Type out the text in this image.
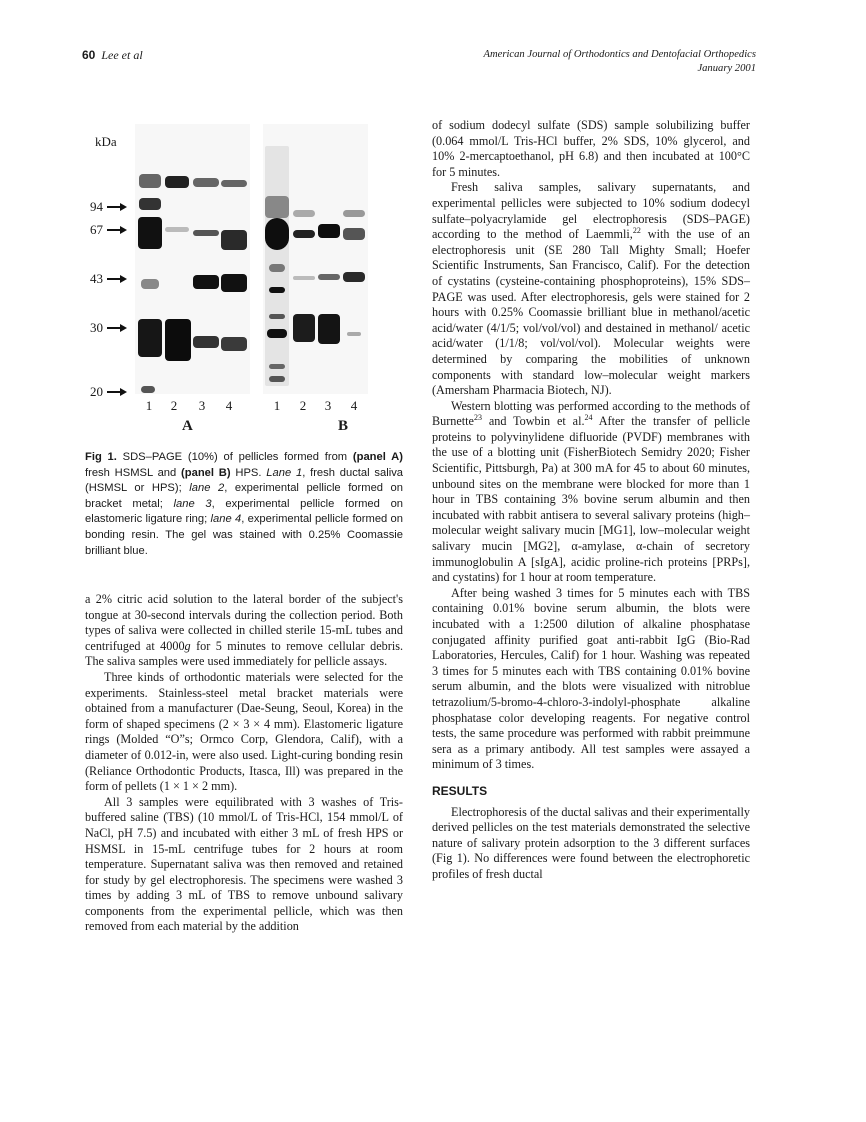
60 Lee et al	American Journal of Orthodontics and Dentofacial Orthopedics
January 2001
kDa
94
67
43
30
20
1 2 3 4	1 2 3 4
A	B
Fig 1. SDS–PAGE (10%) of pellicles formed from (panel A) fresh HSMSL and (panel B) HPS. Lane 1, fresh ductal saliva (HSMSL or HPS); lane 2, experimental pellicle formed on bracket metal; lane 3, experimental pellicle formed on elastomeric ligature ring; lane 4, experimental pellicle formed on bonding resin. The gel was stained with 0.25% Coomassie brilliant blue.

a 2% citric acid solution to the lateral border of the subject's tongue at 30-second intervals during the collection period. Both types of saliva were collected in chilled sterile 15-mL tubes and centrifuged at 4000g for 5 minutes to remove cellular debris. The saliva samples were used immediately for pellicle assays.

Three kinds of orthodontic materials were selected for the experiments. Stainless-steel metal bracket materials were obtained from a manufacturer (Dae-Seung, Seoul, Korea) in the form of shaped specimens (2 × 3 × 4 mm). Elastomeric ligature rings (Molded “O”s; Ormco Corp, Glendora, Calif), with a diameter of 0.012-in, were also used. Light-curing bonding resin (Reliance Orthodontic Products, Itasca, Ill) was prepared in the form of pellets (1 × 1 × 2 mm).

All 3 samples were equilibrated with 3 washes of Tris-buffered saline (TBS) (10 mmol/L of Tris-HCl, 154 mmol/L of NaCl, pH 7.5) and incubated with either 3 mL of fresh HPS or HSMSL in 15-mL centrifuge tubes for 2 hours at room temperature. Supernatant saliva was then removed and retained for study by gel electrophoresis. The specimens were washed 3 times by adding 3 mL of TBS to remove unbound salivary components from the experimental pellicle, which was then removed from each material by the addition

of sodium dodecyl sulfate (SDS) sample solubilizing buffer (0.064 mmol/L Tris-HCl buffer, 2% SDS, 10% glycerol, and 10% 2-mercaptoethanol, pH 6.8) and then incubated at 100°C for 5 minutes.

Fresh saliva samples, salivary supernatants, and experimental pellicles were subjected to 10% sodium dodecyl sulfate–polyacrylamide gel electrophoresis (SDS–PAGE) according to the method of Laemmli,$^{22}$ with the use of an electrophoresis unit (SE 280 Tall Mighty Small; Hoefer Scientific Instruments, San Francisco, Calif). For the detection of cystatins (cysteine-containing phosphoproteins), 15% SDS–PAGE was used. After electrophoresis, gels were stained for 2 hours with 0.25% Coomassie brilliant blue in methanol/acetic acid/water (4/1/5; vol/vol/vol) and destained in methanol/ acetic acid/water (1/1/8; vol/vol/vol). Molecular weights were determined by comparing the mobilities of unknown components with standard low–molecular weight markers (Amersham Pharmacia Biotech, NJ).

Western blotting was performed according to the methods of Burnette$^{23}$ and Towbin et al.$^{24}$ After the transfer of pellicle proteins to polyvinylidene difluoride (PVDF) membranes with the use of a blotting unit (FisherBiotech Semidry 2020; Fisher Scientific, Pittsburgh, Pa) at 300 mA for 45 to about 60 minutes, unbound sites on the membrane were blocked for more than 1 hour in TBS containing 3% bovine serum albumin and then incubated with rabbit antisera to several salivary proteins (high–molecular weight salivary mucin [MG1], low–molecular weight salivary mucin [MG2], α-amylase, α-chain of secretory immunoglobulin A [sIgA], acidic proline-rich proteins [PRPs], and cystatins) for 1 hour at room temperature.

After being washed 3 times for 5 minutes each with TBS containing 0.01% bovine serum albumin, the blots were incubated with a 1:2500 dilution of alkaline phosphatase conjugated affinity purified goat anti-rabbit IgG (Bio-Rad Laboratories, Hercules, Calif) for 1 hour. Washing was repeated 3 times for 5 minutes each with TBS containing 0.01% bovine serum albumin, and the blots were visualized with nitroblue tetrazolium/5-bromo-4-chloro-3-indolyl-phosphate alkaline phosphatase color developing reagents. For negative control tests, the same procedure was performed with rabbit preimmune sera as a primary antibody. All test samples were assayed a minimum of 3 times.

RESULTS

Electrophoresis of the ductal salivas and their experimentally derived pellicles on the test materials demonstrated the selective nature of salivary protein adsorption to the 3 different surfaces (Fig 1). No differences were found between the electrophoretic profiles of fresh ductal
